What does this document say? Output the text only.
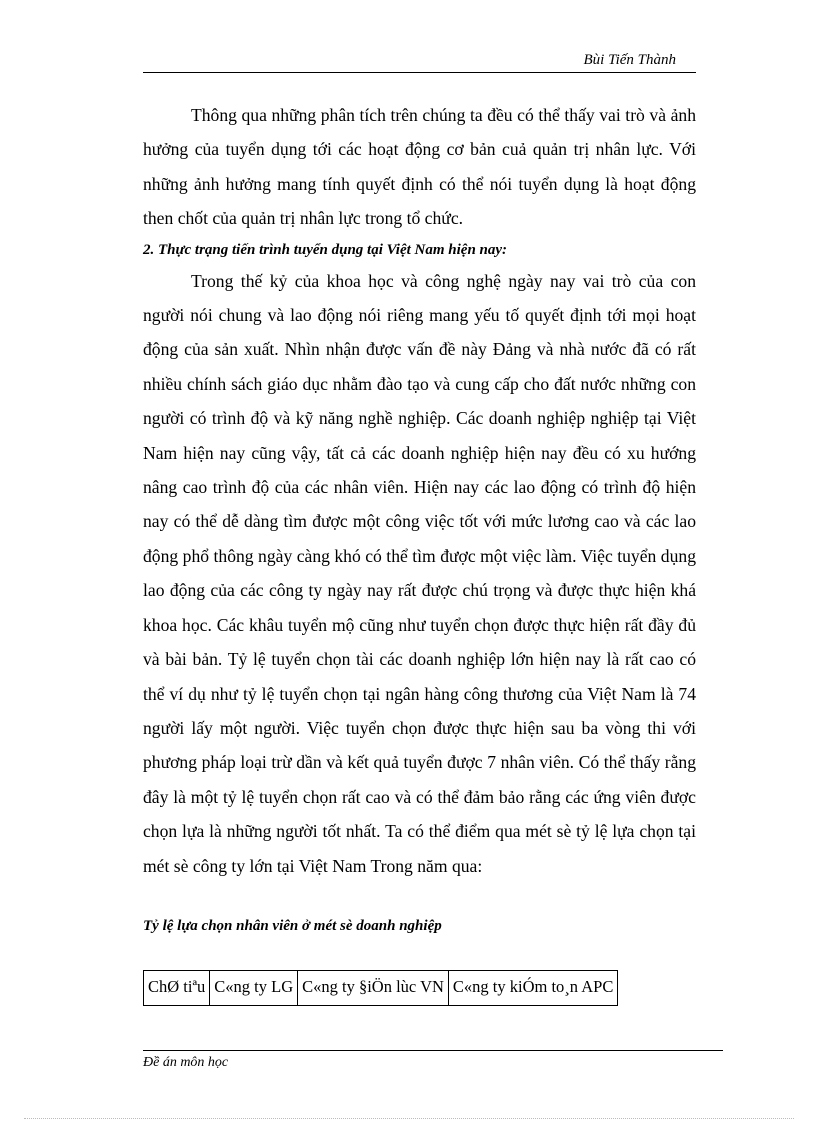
Bùi Tiến Thành

Thông qua những phân tích trên chúng ta đều có thể thấy vai trò và ảnh hưởng của tuyển dụng tới các hoạt động cơ bản cuả quản trị nhân lực. Với những ảnh hưởng mang tính quyết định có thể nói tuyển dụng là hoạt động then chốt của quản trị nhân lực trong tổ chức.

2. Thực trạng tiến trình tuyển dụng tại Việt Nam hiện nay:

Trong thế kỷ của khoa học và công nghệ ngày nay vai trò của con người nói chung và lao động nói riêng mang yếu tố quyết định tới mọi hoạt động của sản xuất. Nhìn nhận được vấn đề này Đảng và nhà nước đã có rất nhiều chính sách giáo dục nhằm đào tạo và cung cấp cho đất nước những con người có trình độ và kỹ năng nghề nghiệp. Các doanh nghiệp nghiệp tại Việt Nam hiện nay cũng vậy, tất cả các doanh nghiệp hiện nay đều có xu hướng nâng cao trình độ của các nhân viên. Hiện nay các lao động có trình độ hiện nay có thể dễ dàng tìm được một công việc tốt với mức lương cao và các lao động phổ thông ngày càng khó có thể tìm được một việc làm. Việc tuyển dụng lao động của các công ty ngày nay rất được chú trọng và được thực hiện khá khoa học. Các khâu tuyển mộ cũng như tuyển chọn được thực hiện rất đầy đủ và bài bản. Tỷ lệ tuyển chọn tài các doanh nghiệp lớn hiện nay là rất cao có thể ví dụ như tỷ lệ tuyển chọn tại ngân hàng công thương của Việt Nam là 74 người lấy một người. Việc tuyển chọn được thực hiện sau ba vòng thi với phương pháp loại trừ dần và kết quả tuyển được 7 nhân viên. Có thể thấy rằng đây là một tỷ lệ tuyển chọn rất cao và có thể đảm bảo rằng các ứng viên được chọn lựa là những người tốt nhất. Ta có thể điểm qua mét sè tỷ lệ lựa chọn tại mét sè công ty lớn tại Việt Nam Trong năm qua:

Tỷ lệ lựa chọn nhân viên ở mét sè doanh nghiệp
ChØ tiªu	C«ng ty LG	C«ng ty §iÖn lùc VN	C«ng ty kiÓm to¸n APC
Đề án môn học
